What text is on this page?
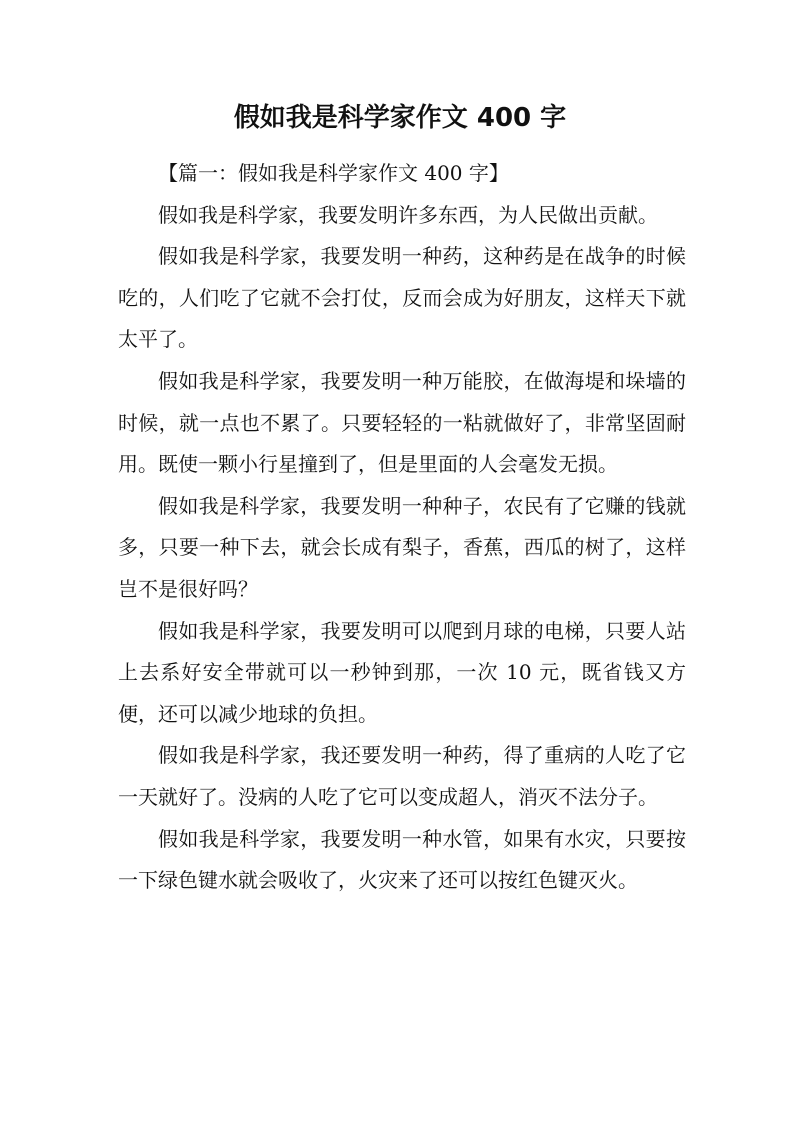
假如我是科学家作文 400 字

【篇一：假如我是科学家作文 400 字】

假如我是科学家，我要发明许多东西，为人民做出贡献。

假如我是科学家，我要发明一种药，这种药是在战争的时候吃的，人们吃了它就不会打仗，反而会成为好朋友，这样天下就太平了。

假如我是科学家，我要发明一种万能胶，在做海堤和垛墙的时候，就一点也不累了。只要轻轻的一粘就做好了，非常坚固耐用。既使一颗小行星撞到了，但是里面的人会毫发无损。

假如我是科学家，我要发明一种种子，农民有了它赚的钱就多，只要一种下去，就会长成有梨子，香蕉，西瓜的树了，这样岂不是很好吗？

假如我是科学家，我要发明可以爬到月球的电梯，只要人站上去系好安全带就可以一秒钟到那，一次 10 元，既省钱又方便，还可以减少地球的负担。

假如我是科学家，我还要发明一种药，得了重病的人吃了它一天就好了。没病的人吃了它可以变成超人，消灭不法分子。

假如我是科学家，我要发明一种水管，如果有水灾，只要按一下绿色键水就会吸收了，火灾来了还可以按红色键灭火。
